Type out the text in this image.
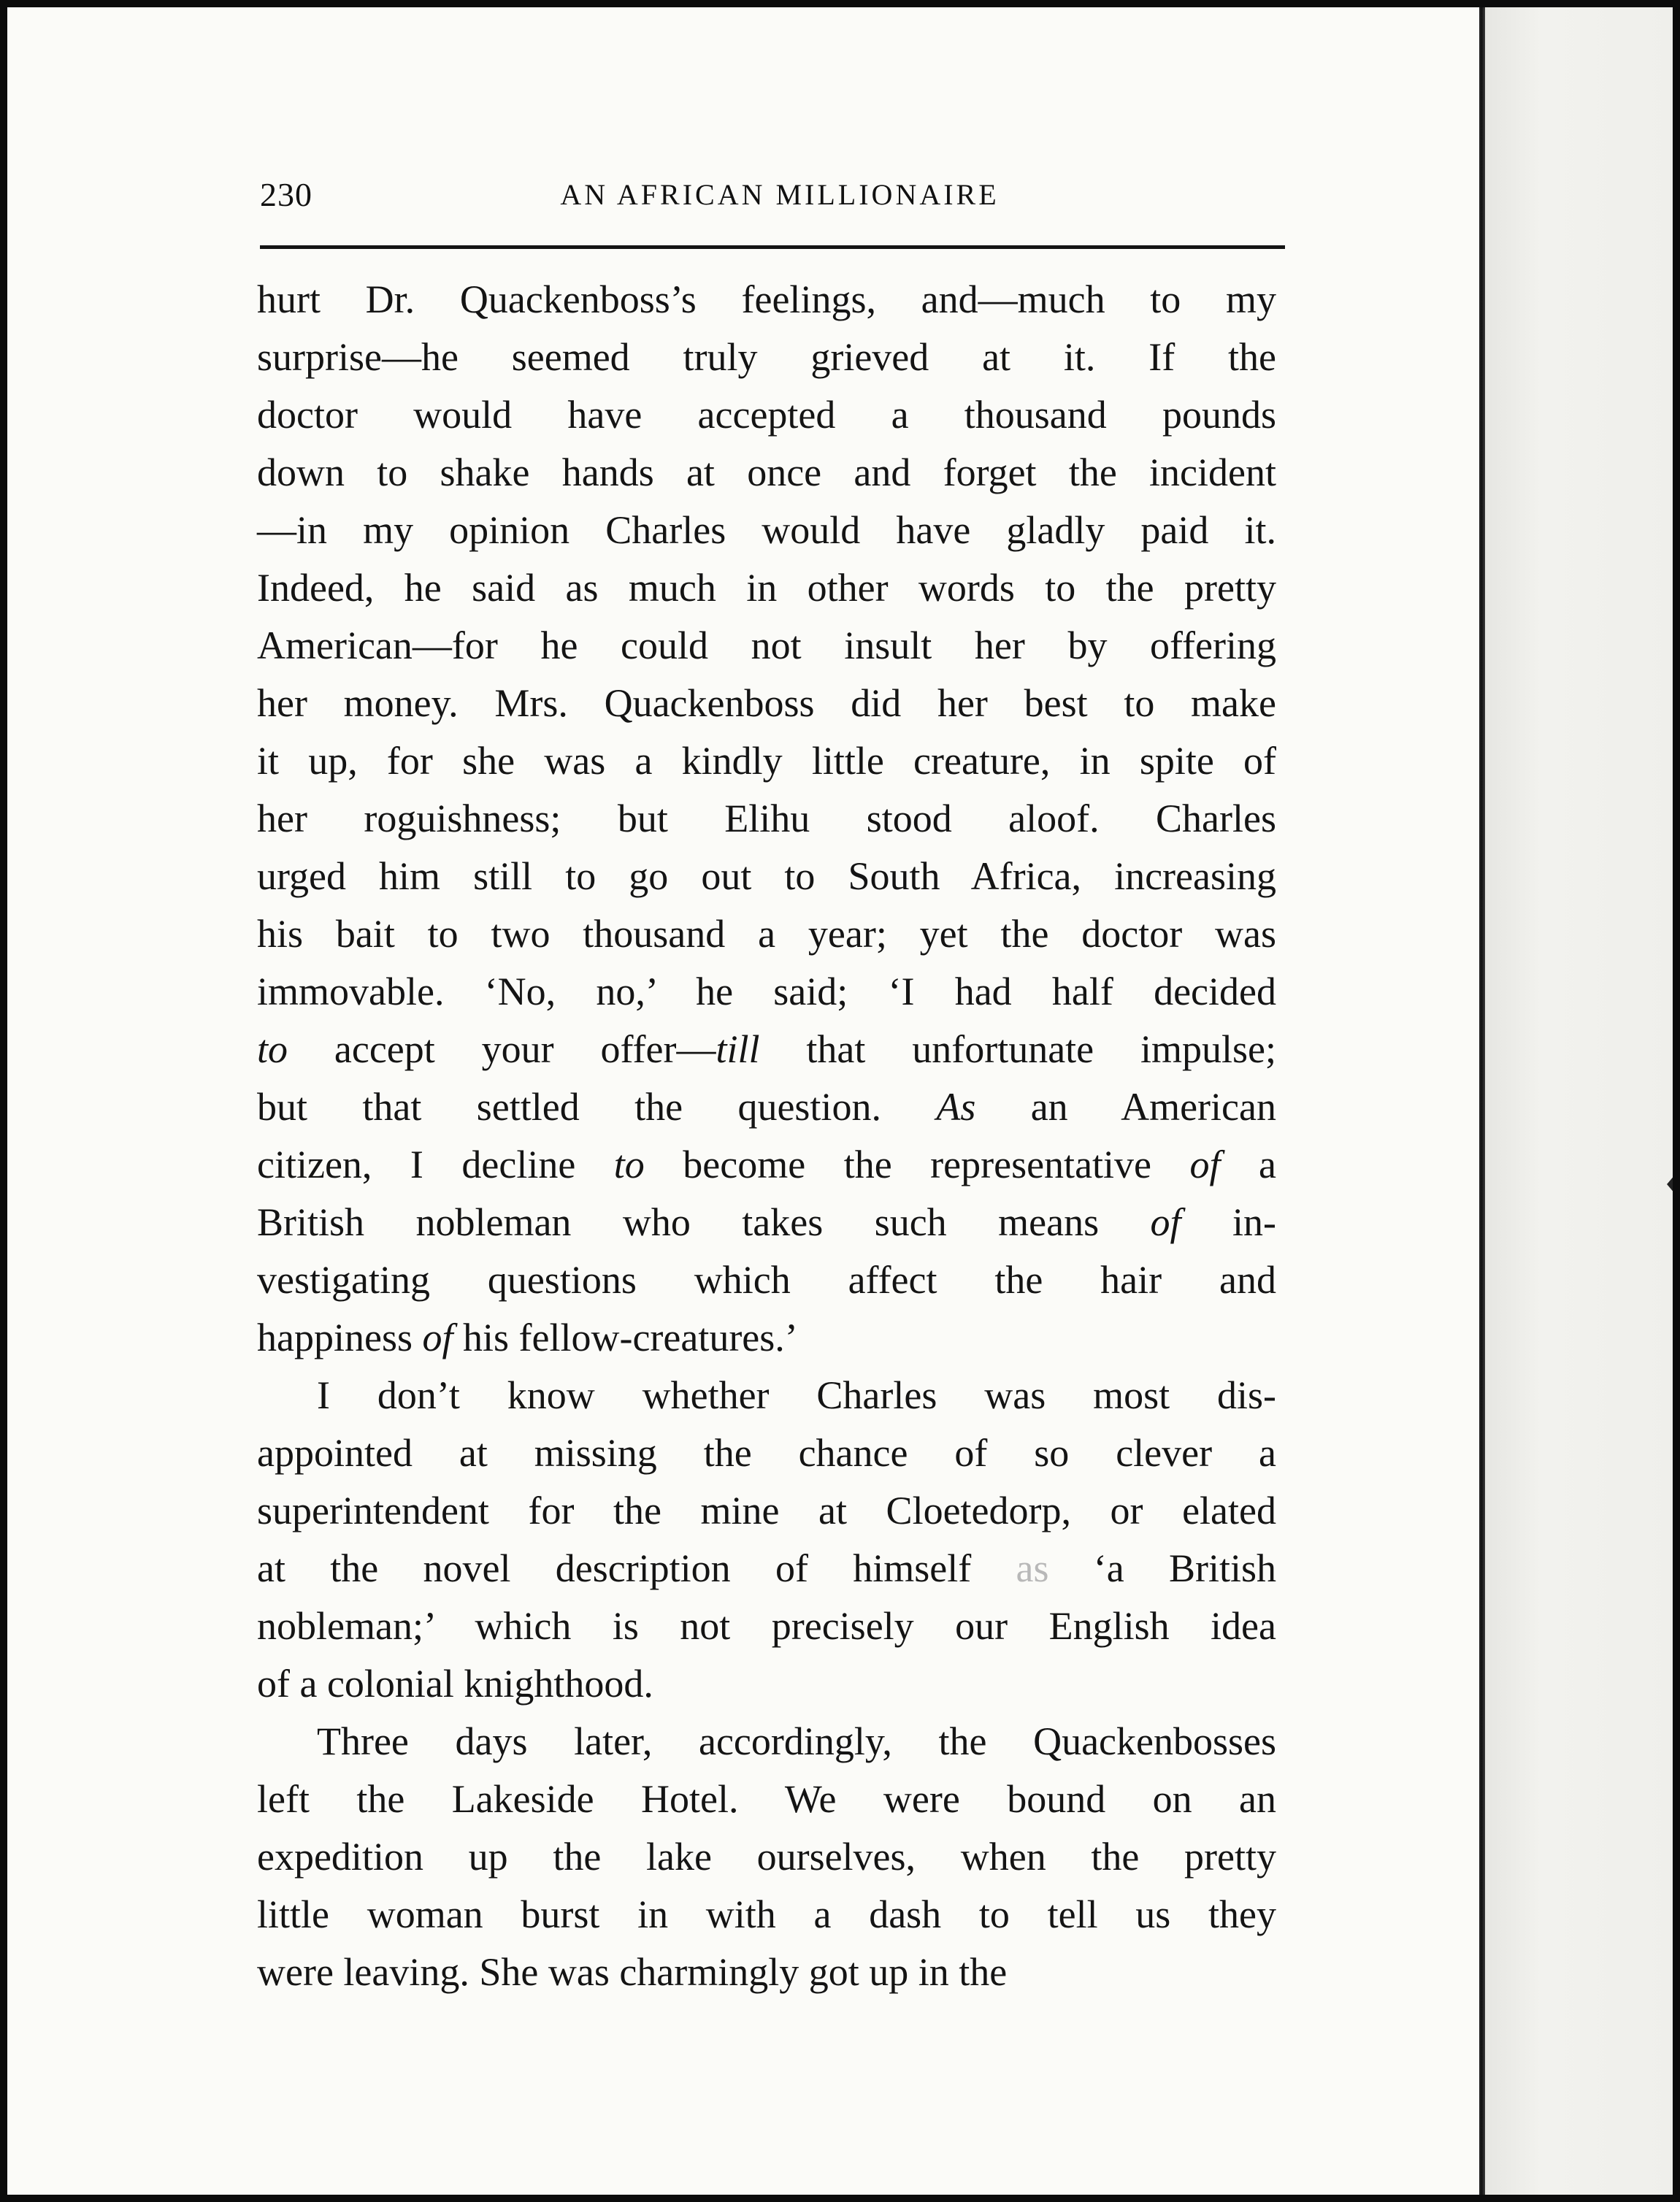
230	AN AFRICAN MILLIONAIRE
hurt Dr. Quackenboss’s feelings, and—much to my
surprise—he seemed truly grieved at it. If the
doctor would have accepted a thousand pounds
down to shake hands at once and forget the incident
—in my opinion Charles would have gladly paid it.
Indeed, he said as much in other words to the pretty
American—for he could not insult her by offering
her money. Mrs. Quackenboss did her best to make
it up, for she was a kindly little creature, in spite of
her roguishness; but Elihu stood aloof. Charles
urged him still to go out to South Africa, increasing
his bait to two thousand a year; yet the doctor was
immovable. ‘No, no,’ he said; ‘I had half decided
to accept your offer—till that unfortunate impulse;
but that settled the question. As an American
citizen, I decline to become the representative of a
British nobleman who takes such means of in-
vestigating questions which affect the hair and
happiness of his fellow-creatures.’
I don’t know whether Charles was most dis-
appointed at missing the chance of so clever a
superintendent for the mine at Cloetedorp, or elated
at the novel description of himself as ‘a British
nobleman;’ which is not precisely our English idea
of a colonial knighthood.
Three days later, accordingly, the Quackenbosses
left the Lakeside Hotel. We were bound on an
expedition up the lake ourselves, when the pretty
little woman burst in with a dash to tell us they
were leaving. She was charmingly got up in the
